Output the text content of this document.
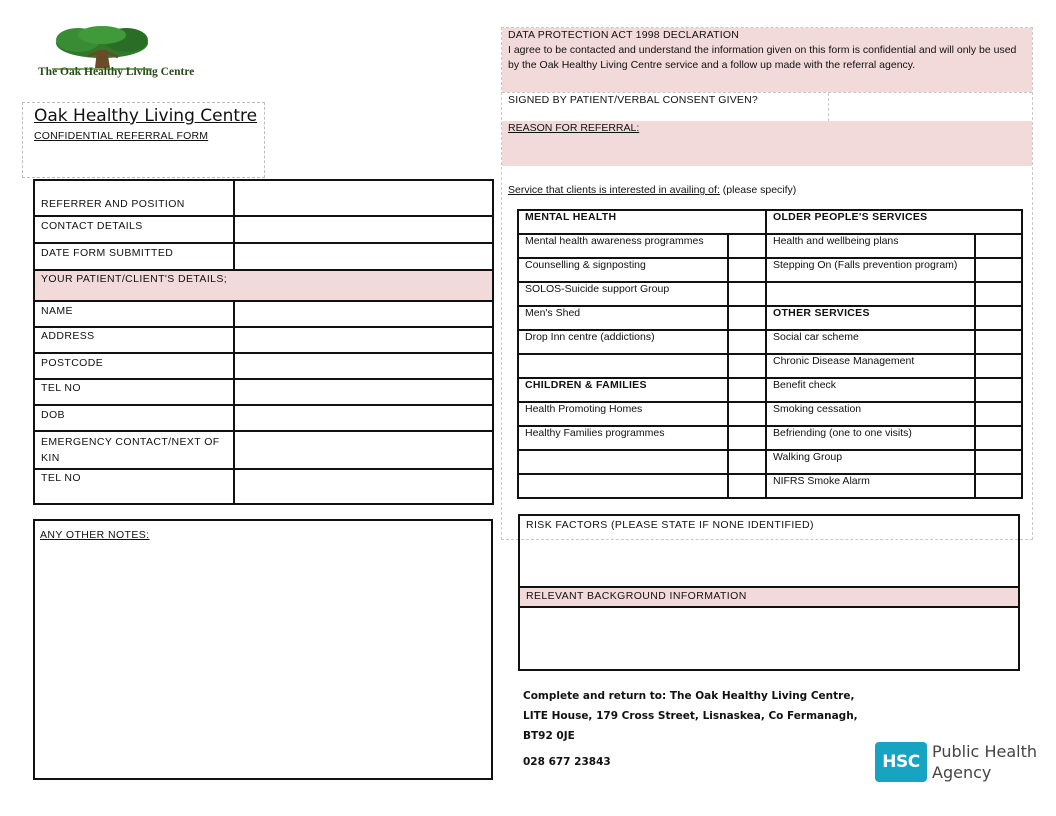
The Oak Healthy Living Centre
Oak Healthy Living Centre
CONFIDENTIAL REFERRAL FORM
REFERRER AND POSITION	
CONTACT DETAILS	
DATE FORM SUBMITTED	
YOUR PATIENT/CLIENT'S DETAILS;	
NAME	
ADDRESS	
POSTCODE	
TEL NO	
DOB	
EMERGENCY CONTACT/NEXT OF KIN	
TEL NO	
ANY OTHER NOTES:
DATA PROTECTION ACT 1998 DECLARATION
I agree to be contacted and understand the information given on this form is confidential and will only be used by the Oak Healthy Living Centre service and a follow up made with the referral agency.
SIGNED BY PATIENT/VERBAL CONSENT GIVEN?
REASON FOR REFERRAL:
Service that clients is interested in availing of: (please specify)
MENTAL HEALTH		OLDER PEOPLE'S SERVICES	
Mental health awareness programmes		Health and wellbeing plans	
Counselling & signposting		Stepping On (Falls prevention program)	
SOLOS-Suicide support Group			
Men's Shed		OTHER SERVICES	
Drop Inn centre (addictions)		Social car scheme	
		Chronic Disease Management	
CHILDREN & FAMILIES		Benefit check	
Health Promoting Homes		Smoking cessation	
Healthy Families programmes		Befriending (one to one visits)	
		Walking Group	
		NIFRS Smoke Alarm	
RISK FACTORS (PLEASE STATE IF NONE IDENTIFIED)
RELEVANT BACKGROUND INFORMATION
Complete and return to: The Oak Healthy Living Centre,
LITE House, 179 Cross Street, Lisnaskea, Co Fermanagh,
BT92 0JE
028 677 23843	HSC
Public Health
Agency
